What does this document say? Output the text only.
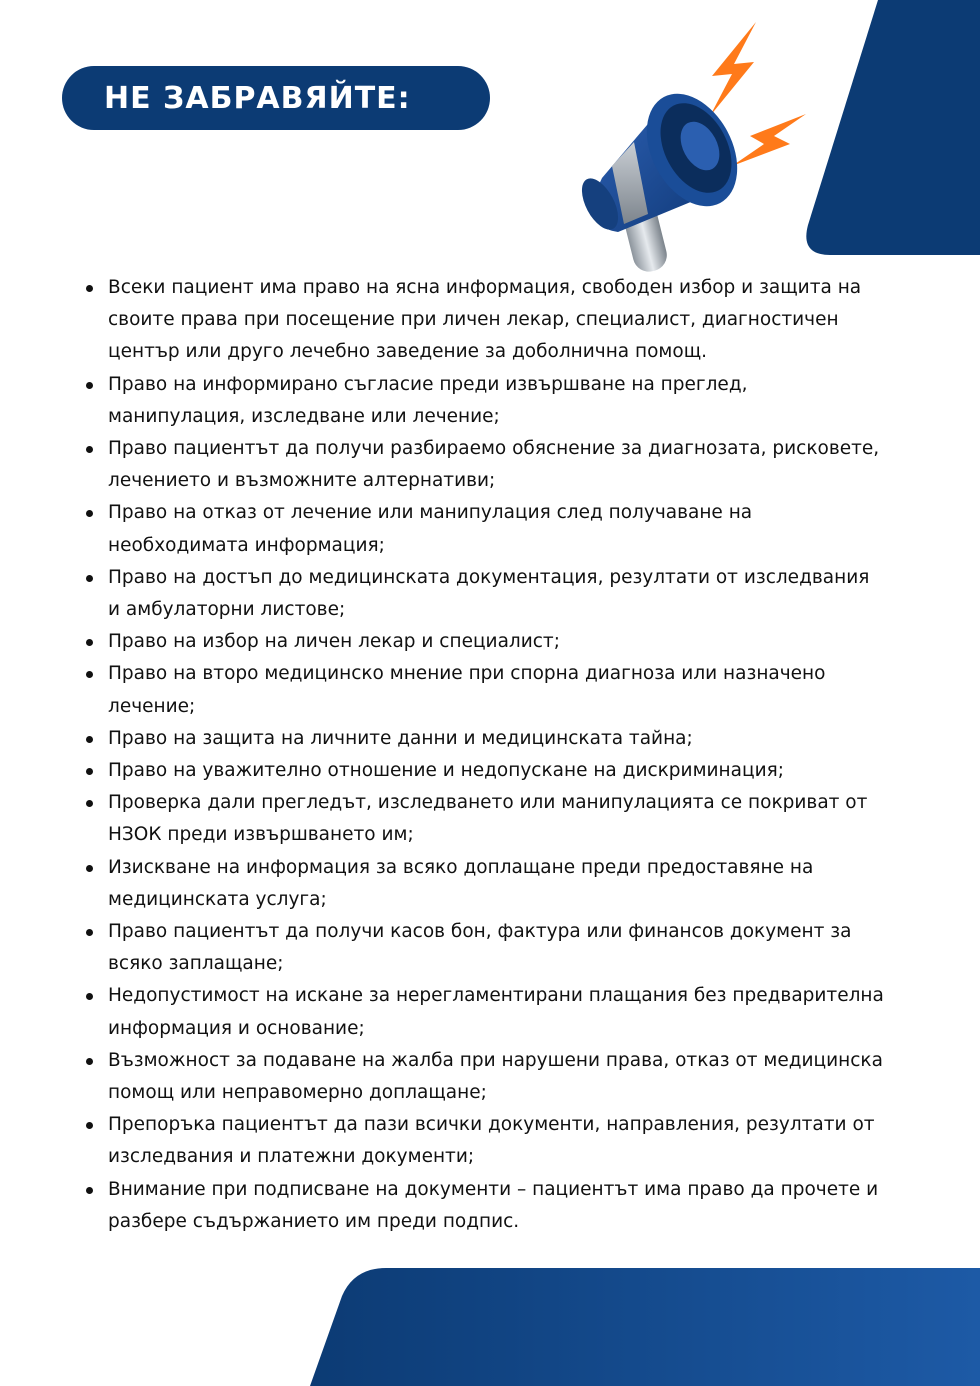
НЕ ЗАБРАВЯЙТЕ:
Всеки пациент има право на ясна информация, свободен избор и защита на своите права при посещение при личен лекар, специалист, диагностичен център или друго лечебно заведение за доболнична помощ.
Право на информирано съгласие преди извършване на преглед, манипулация, изследване или лечение;
Право пациентът да получи разбираемо обяснение за диагнозата, рисковете, лечението и възможните алтернативи;
Право на отказ от лечение или манипулация след получаване на необходимата информация;
Право на достъп до медицинската документация, резултати от изследвания и амбулаторни листове;
Право на избор на личен лекар и специалист;
Право на второ медицинско мнение при спорна диагноза или назначено лечение;
Право на защита на личните данни и медицинската тайна;
Право на уважително отношение и недопускане на дискриминация;
Проверка дали прегледът, изследването или манипулацията се покриват от НЗОК преди извършването им;
Изискване на информация за всяко доплащане преди предоставяне на медицинската услуга;
Право пациентът да получи касов бон, фактура или финансов документ за всяко заплащане;
Недопустимост на искане за нерегламентирани плащания без предварителна информация и основание;
Възможност за подаване на жалба при нарушени права, отказ от медицинска помощ или неправомерно доплащане;
Препоръка пациентът да пази всички документи, направления, резултати от изследвания и платежни документи;
Внимание при подписване на документи – пациентът има право да прочете и разбере съдържанието им преди подпис.
